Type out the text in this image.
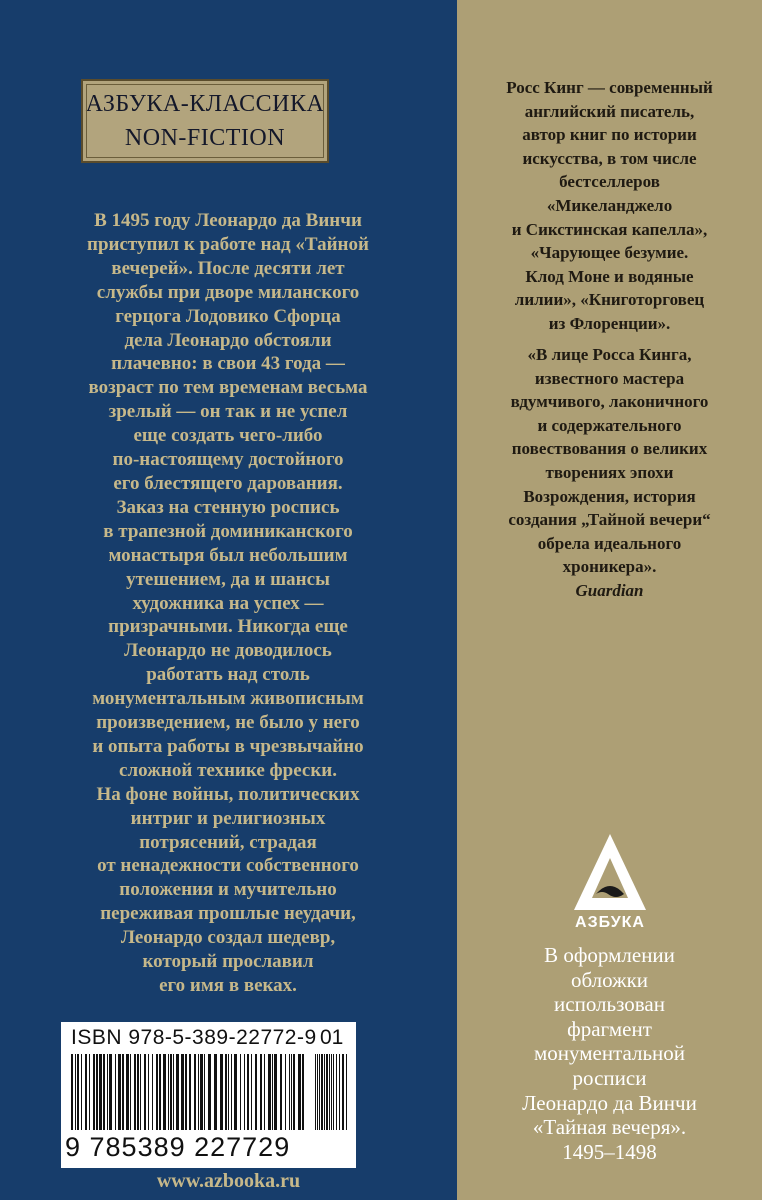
АЗБУКА-КЛАССИКА
NON-FICTION

В 1495 году Леонардо да Винчи

приступил к работе над «Тайной

вечерей». После десяти лет

службы при дворе миланского

герцога Лодовико Сфорца

дела Леонардо обстояли

плачевно: в свои 43 года —

возраст по тем временам весьма

зрелый — он так и не успел

еще создать чего-либо

по-настоящему достойного

его блестящего дарования.

Заказ на стенную роспись

в трапезной доминиканского

монастыря был небольшим

утешением, да и шансы

художника на успех —

призрачными. Никогда еще

Леонардо не доводилось

работать над столь

монументальным живописным

произведением, не было у него

и опыта работы в чрезвычайно

сложной технике фрески.

На фоне войны, политических

интриг и религиозных

потрясений, страдая

от ненадежности собственного

положения и мучительно

переживая прошлые неудачи,

Леонардо создал шедевр,

который прославил

его имя в веках.

ISBN 978-5-389-22772-9 01
9 785389 227729
www.azbooka.ru
Росс Кинг — современный
английский писатель,
автор книг по истории
искусства, в том числе
бестселлеров
«Микеланджело
и Сикстинская капелла»,
«Чарующее безумие.
Клод Моне и водяные
лилии», «Книготорговец
из Флоренции».
«В лице Росса Кинга,
известного мастера
вдумчивого, лаконичного
и содержательного
повествования о великих
творениях эпохи
Возрождения, история
создания „Тайной вечери“
обрела идеального
хроникера».
Guardian
АЗБУКА
В оформлении
обложки
использован
фрагмент
монументальной
росписи
Леонардо да Винчи
«Тайная вечеря».
1495–1498
